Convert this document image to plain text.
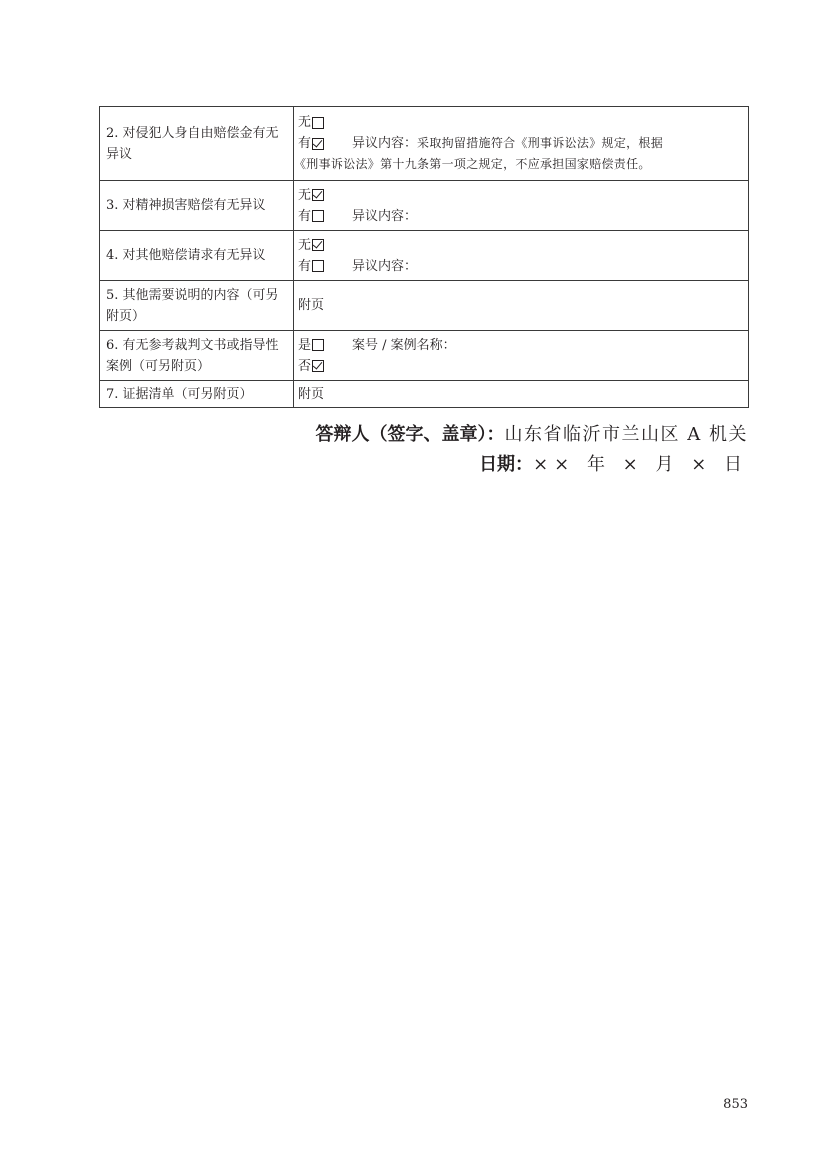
2. 对侵犯人身自由赔偿金有无异议	无
有 异议内容： 采取拘留措施符合《刑事诉讼法》规定，根据
《刑事诉讼法》第十九条第一项之规定，不应承担国家赔偿责任。

3. 对精神损害赔偿有无异议	无
有 异议内容：

4. 对其他赔偿请求有无异议	无
有 异议内容：

5. 其他需要说明的内容（可另附页）	附页
6. 有无参考裁判文书或指导性案例（可另附页）	是 案号 / 案例名称：
否

7. 证据清单（可另附页）	附页
答辩人（签字、盖章）：山东省临沂市兰山区 A 机关
日期：×× 年 × 月 × 日
853
